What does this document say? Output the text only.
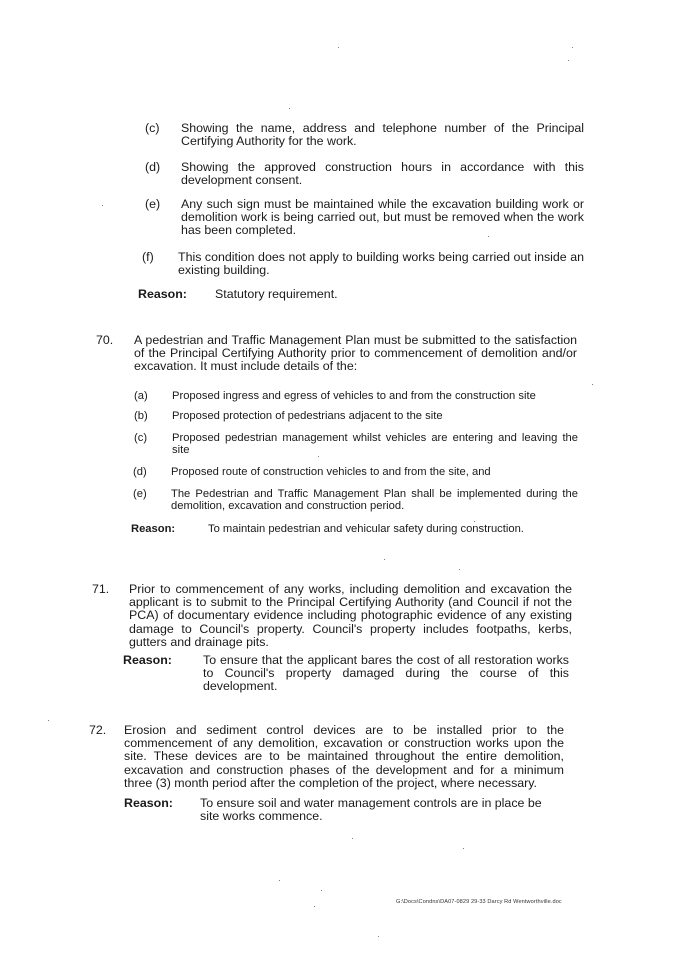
(c) Showing the name, address and telephone number of the Principal Certifying Authority for the work.
(d) Showing the approved construction hours in accordance with this development consent.
(e) Any such sign must be maintained while the excavation building work or demolition work is being carried out, but must be removed when the work has been completed.
(f) This condition does not apply to building works being carried out inside an existing building.
Reason: Statutory requirement.
70. A pedestrian and Traffic Management Plan must be submitted to the satisfaction of the Principal Certifying Authority prior to commencement of demolition and/or excavation. It must include details of the:
(a) Proposed ingress and egress of vehicles to and from the construction site
(b) Proposed protection of pedestrians adjacent to the site
(c) Proposed pedestrian management whilst vehicles are entering and leaving the site
(d) Proposed route of construction vehicles to and from the site, and
(e) The Pedestrian and Traffic Management Plan shall be implemented during the demolition, excavation and construction period.
Reason:	To maintain pedestrian and vehicular safety during construction.
71. Prior to commencement of any works, including demolition and excavation the applicant is to submit to the Principal Certifying Authority (and Council if not the PCA) of documentary evidence including photographic evidence of any existing damage to Council's property. Council's property includes footpaths, kerbs, gutters and drainage pits.
Reason:	To ensure that the applicant bares the cost of all restoration works to Council's property damaged during the course of this development.
72. Erosion and sediment control devices are to be installed prior to the commencement of any demolition, excavation or construction works upon the site. These devices are to be maintained throughout the entire demolition, excavation and construction phases of the development and for a minimum three (3) month period after the completion of the project, where necessary.
Reason: To ensure soil and water management controls are in place be site works commence.
G:\Docs\Condns\DA07-0829 29-33 Darcy Rd Wentworthville.doc
